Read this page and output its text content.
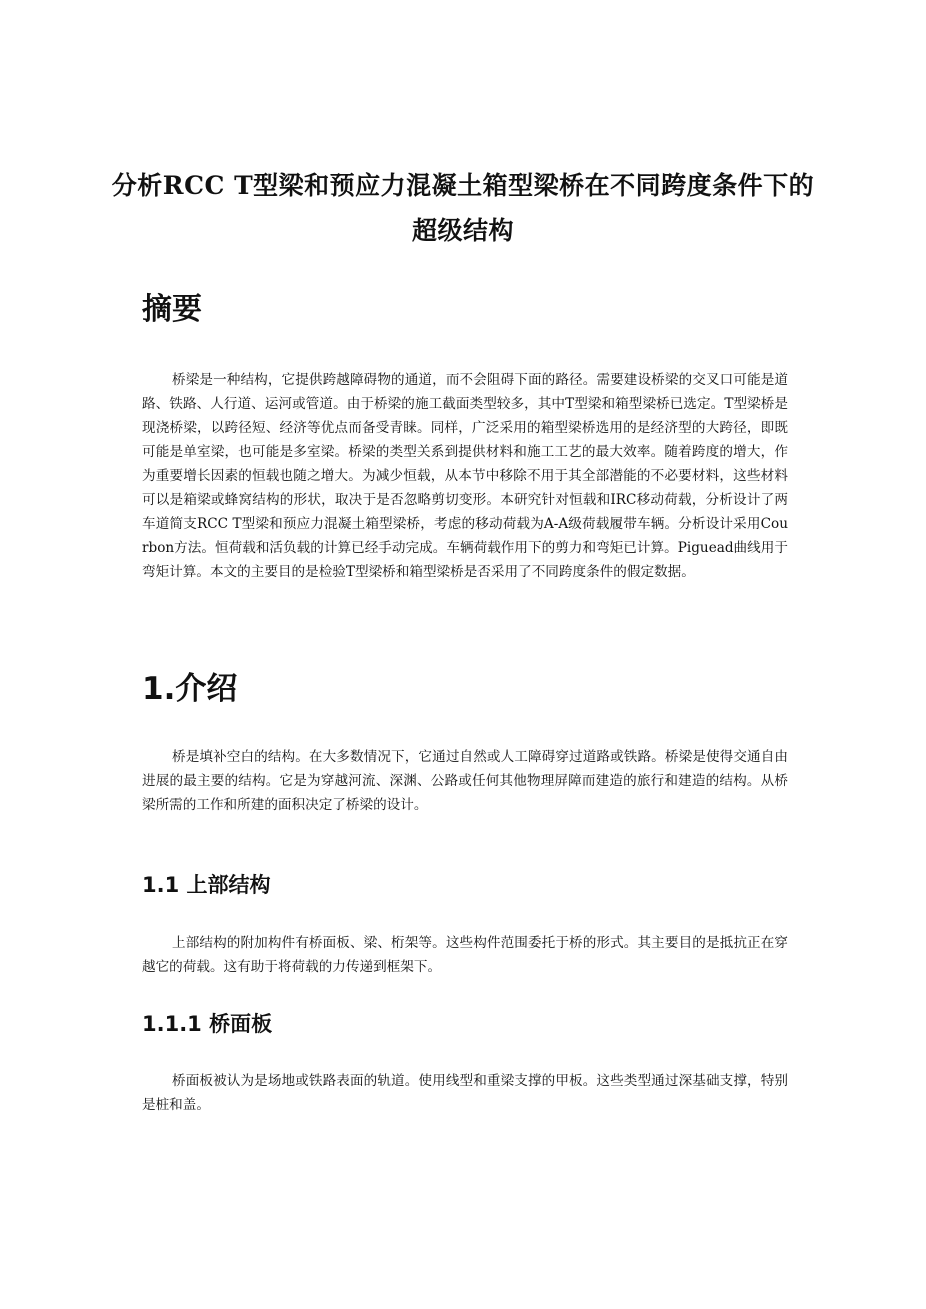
分析RCC T型梁和预应力混凝土箱型梁桥在不同跨度条件下的超级结构
摘要
桥梁是一种结构，它提供跨越障碍物的通道，而不会阻碍下面的路径。需要建设桥梁的交叉口可能是道路、铁路、人行道、运河或管道。由于桥梁的施工截面类型较多，其中T型梁和箱型梁桥已选定。T型梁桥是现浇桥梁，以跨径短、经济等优点而备受青睐。同样，广泛采用的箱型梁桥选用的是经济型的大跨径，即既可能是单室梁，也可能是多室梁。桥梁的类型关系到提供材料和施工工艺的最大效率。随着跨度的增大，作为重要增长因素的恒载也随之增大。为减少恒载，从本节中移除不用于其全部潜能的不必要材料，这些材料可以是箱梁或蜂窝结构的形状，取决于是否忽略剪切变形。本研究针对恒载和IRC移动荷载，分析设计了两车道简支RCC T型梁和预应力混凝土箱型梁桥，考虑的移动荷载为A-A级荷载履带车辆。分析设计采用Courbon方法。恒荷载和活负载的计算已经手动完成。车辆荷载作用下的剪力和弯矩已计算。Piguead曲线用于弯矩计算。本文的主要目的是检验T型梁桥和箱型梁桥是否采用了不同跨度条件的假定数据。
1.介绍
桥是填补空白的结构。在大多数情况下，它通过自然或人工障碍穿过道路或铁路。桥梁是使得交通自由进展的最主要的结构。它是为穿越河流、深渊、公路或任何其他物理屏障而建造的旅行和建造的结构。从桥梁所需的工作和所建的面积决定了桥梁的设计。
1.1 上部结构
上部结构的附加构件有桥面板、梁、桁架等。这些构件范围委托于桥的形式。其主要目的是抵抗正在穿越它的荷载。这有助于将荷载的力传递到框架下。
1.1.1 桥面板
桥面板被认为是场地或铁路表面的轨道。使用线型和重梁支撑的甲板。这些类型通过深基础支撑，特别是桩和盖。
